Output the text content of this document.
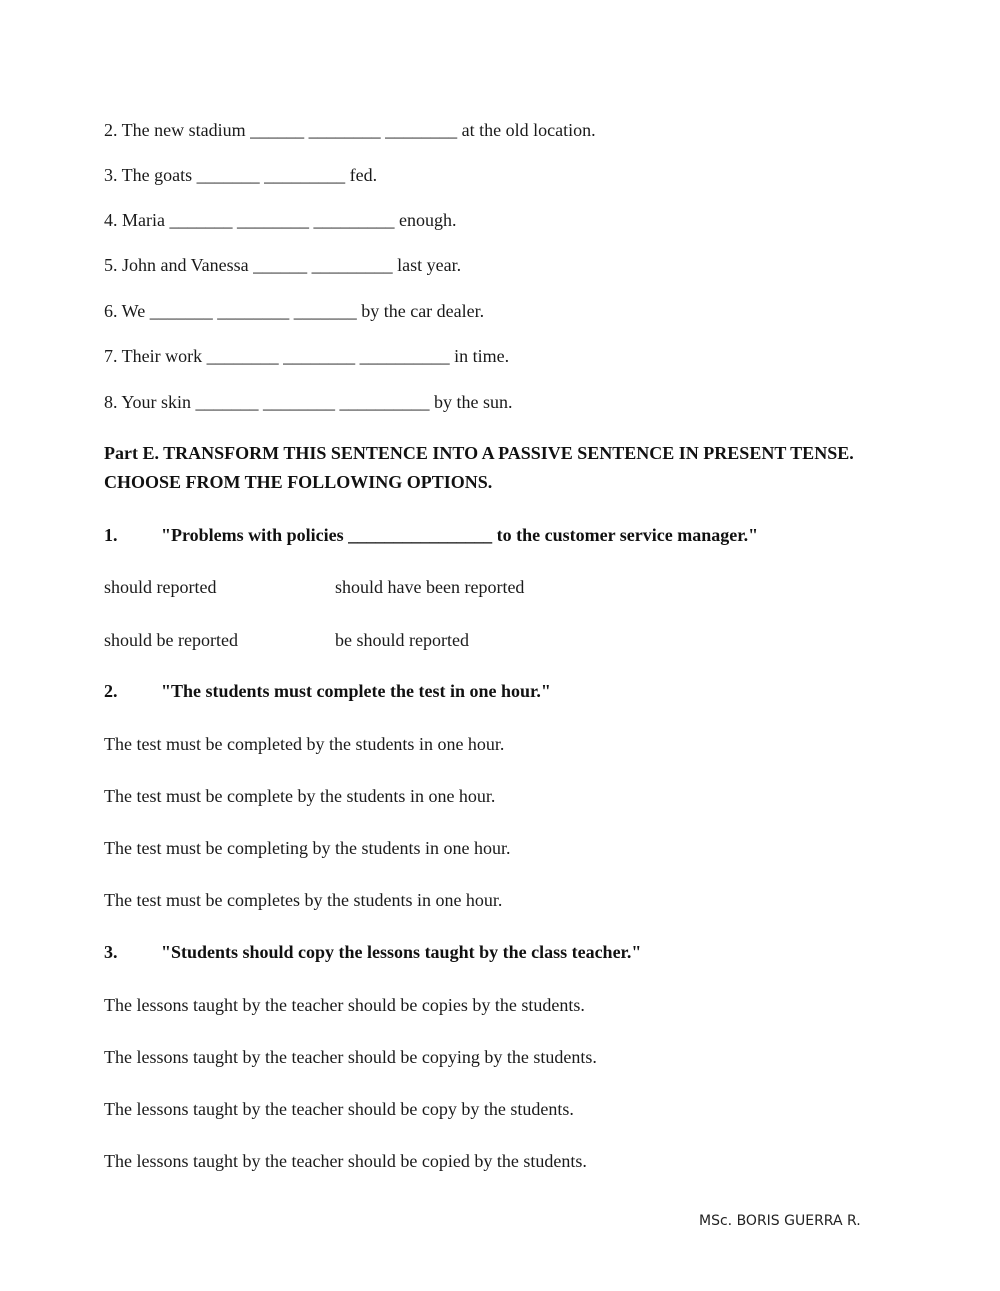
2. The new stadium ______ ________ ________ at the old location.
3. The goats _______ _________ fed.
4. Maria _______ ________ _________ enough.
5. John and Vanessa ______ _________ last year.
6. We _______ ________ _______ by the car dealer.
7. Their work ________ ________ __________ in time.
8. Your skin _______ ________ __________ by the sun.
Part E. TRANSFORM THIS SENTENCE INTO A PASSIVE SENTENCE IN PRESENT TENSE.
CHOOSE FROM THE FOLLOWING OPTIONS.
1. "Problems with policies ________________ to the customer service manager."
should reported	should have been reported
should be reported	be should reported
2. "The students must complete the test in one hour."
The test must be completed by the students in one hour.
The test must be complete by the students in one hour.
The test must be completing by the students in one hour.
The test must be completes by the students in one hour.
3. "Students should copy the lessons taught by the class teacher."
The lessons taught by the teacher should be copies by the students.
The lessons taught by the teacher should be copying by the students.
The lessons taught by the teacher should be copy by the students.
The lessons taught by the teacher should be copied by the students.
MSc. BORIS GUERRA R.
